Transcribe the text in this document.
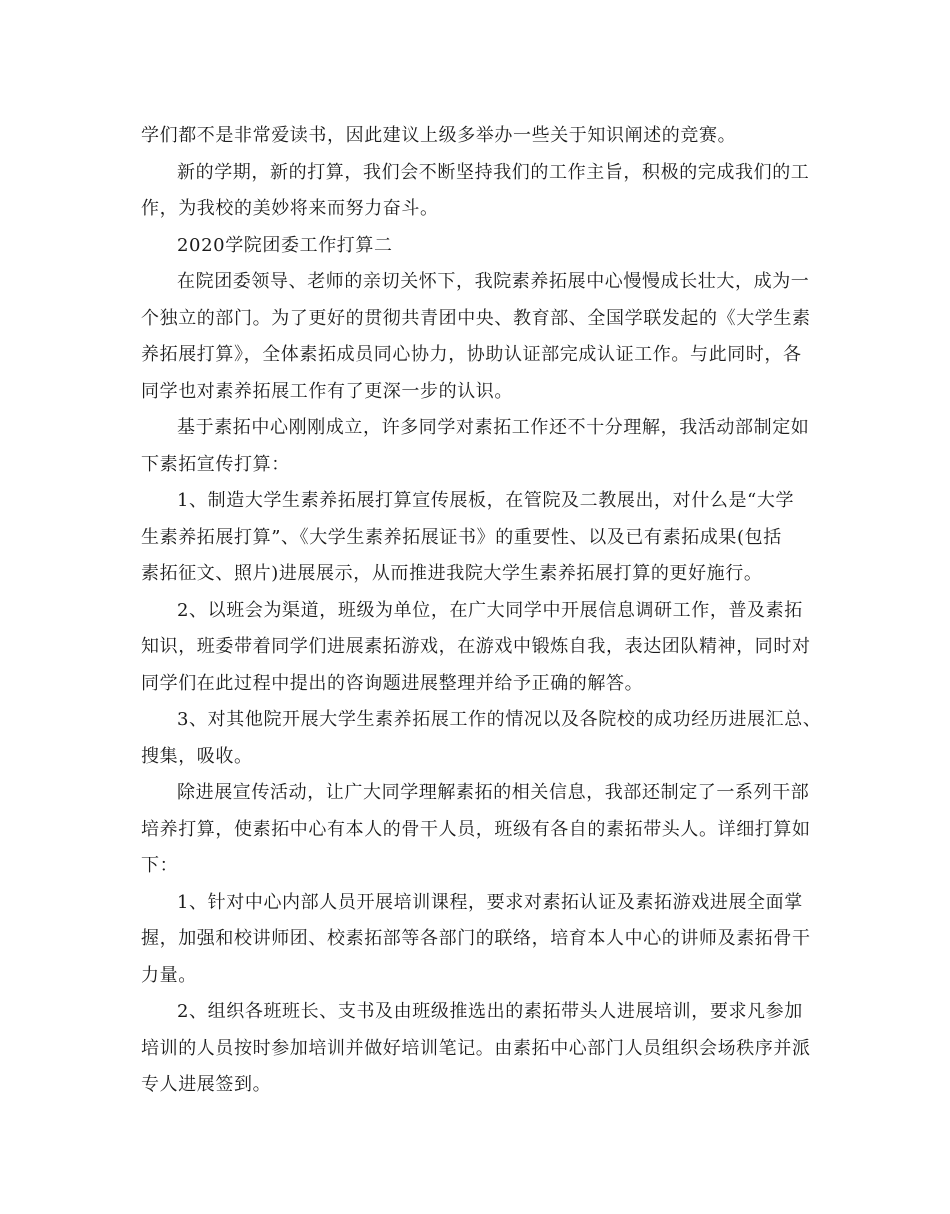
学们都不是非常爱读书，因此建议上级多举办一些关于知识阐述的竞赛。
新的学期，新的打算，我们会不断坚持我们的工作主旨，积极的完成我们的工
作，为我校的美妙将来而努力奋斗。
2020学院团委工作打算二
在院团委领导、老师的亲切关怀下，我院素养拓展中心慢慢成长壮大，成为一
个独立的部门。为了更好的贯彻共青团中央、教育部、全国学联发起的《大学生素
养拓展打算》，全体素拓成员同心协力，协助认证部完成认证工作。与此同时，各
同学也对素养拓展工作有了更深一步的认识。
基于素拓中心刚刚成立，许多同学对素拓工作还不十分理解，我活动部制定如
下素拓宣传打算：
1、制造大学生素养拓展打算宣传展板，在管院及二教展出，对什么是“大学
生素养拓展打算”、《大学生素养拓展证书》的重要性、以及已有素拓成果(包括
素拓征文、照片)进展展示，从而推进我院大学生素养拓展打算的更好施行。
2、以班会为渠道，班级为单位，在广大同学中开展信息调研工作，普及素拓
知识，班委带着同学们进展素拓游戏，在游戏中锻炼自我，表达团队精神，同时对
同学们在此过程中提出的咨询题进展整理并给予正确的解答。
3、对其他院开展大学生素养拓展工作的情况以及各院校的成功经历进展汇总、
搜集，吸收。
除进展宣传活动，让广大同学理解素拓的相关信息，我部还制定了一系列干部
培养打算，使素拓中心有本人的骨干人员，班级有各自的素拓带头人。详细打算如
下：
1、针对中心内部人员开展培训课程，要求对素拓认证及素拓游戏进展全面掌
握，加强和校讲师团、校素拓部等各部门的联络，培育本人中心的讲师及素拓骨干
力量。
2、组织各班班长、支书及由班级推选出的素拓带头人进展培训，要求凡参加
培训的人员按时参加培训并做好培训笔记。由素拓中心部门人员组织会场秩序并派
专人进展签到。
